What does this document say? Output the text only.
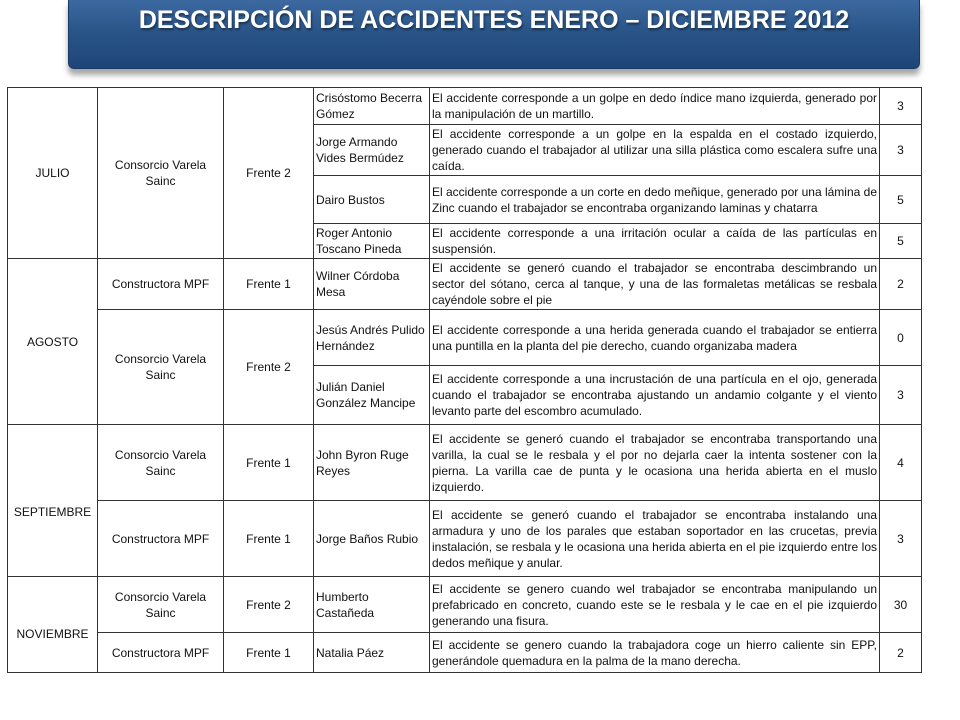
DESCRIPCIÓN DE ACCIDENTES ENERO – DICIEMBRE 2012
JULIO	Consorcio Varela Sainc	Frente 2	Crisóstomo Becerra Gómez	El accidente corresponde a un golpe en dedo índice mano izquierda, generado por la manipulación de un martillo.	3
			Jorge Armando Vides Bermúdez	El accidente corresponde a un golpe en la espalda en el costado izquierdo, generado cuando el trabajador al utilizar una silla plástica como escalera sufre una caída.	3
			Dairo Bustos	El accidente corresponde a un corte en dedo meñique, generado por una lámina de Zinc cuando el trabajador se encontraba organizando laminas y chatarra	5
			Roger Antonio Toscano Pineda	El accidente corresponde a una irritación ocular a caída de las partículas en suspensión.	5
AGOSTO	Constructora MPF	Frente 1	Wilner Córdoba Mesa	El accidente se generó cuando el trabajador se encontraba descimbrando un sector del sótano, cerca al tanque, y una de las formaletas metálicas se resbala cayéndole sobre el pie	2
	Consorcio Varela Sainc	Frente 2	Jesús Andrés Pulido Hernández	El accidente corresponde a una herida generada cuando el trabajador se entierra una puntilla en la planta del pie derecho, cuando organizaba madera	0
			Julián Daniel González Mancipe	El accidente corresponde a una incrustación de una partícula en el ojo, generada cuando el trabajador se encontraba ajustando un andamio colgante y el viento levanto parte del escombro acumulado.	3
SEPTIEMBRE	Consorcio Varela Sainc	Frente 1	John Byron Ruge Reyes	El accidente se generó cuando el trabajador se encontraba transportando una varilla, la cual se le resbala y el por no dejarla caer la intenta sostener con la pierna. La varilla cae de punta y le ocasiona una herida abierta en el muslo izquierdo.	4
	Constructora MPF	Frente 1	Jorge Baños Rubio	El accidente se generó cuando el trabajador se encontraba instalando una armadura y uno de los parales que estaban soportador en las crucetas, previa instalación, se resbala y le ocasiona una herida abierta en el pie izquierdo entre los dedos meñique y anular.	3
NOVIEMBRE	Consorcio Varela Sainc	Frente 2	Humberto Castañeda	El accidente se genero cuando wel trabajador se encontraba manipulando un prefabricado en concreto, cuando este se le resbala y le cae en el pie izquierdo generando una fisura.	30
	Constructora MPF	Frente 1	Natalia Páez	El accidente se genero cuando la trabajadora coge un hierro caliente sin EPP, generándole quemadura en la palma de la mano derecha.	2
